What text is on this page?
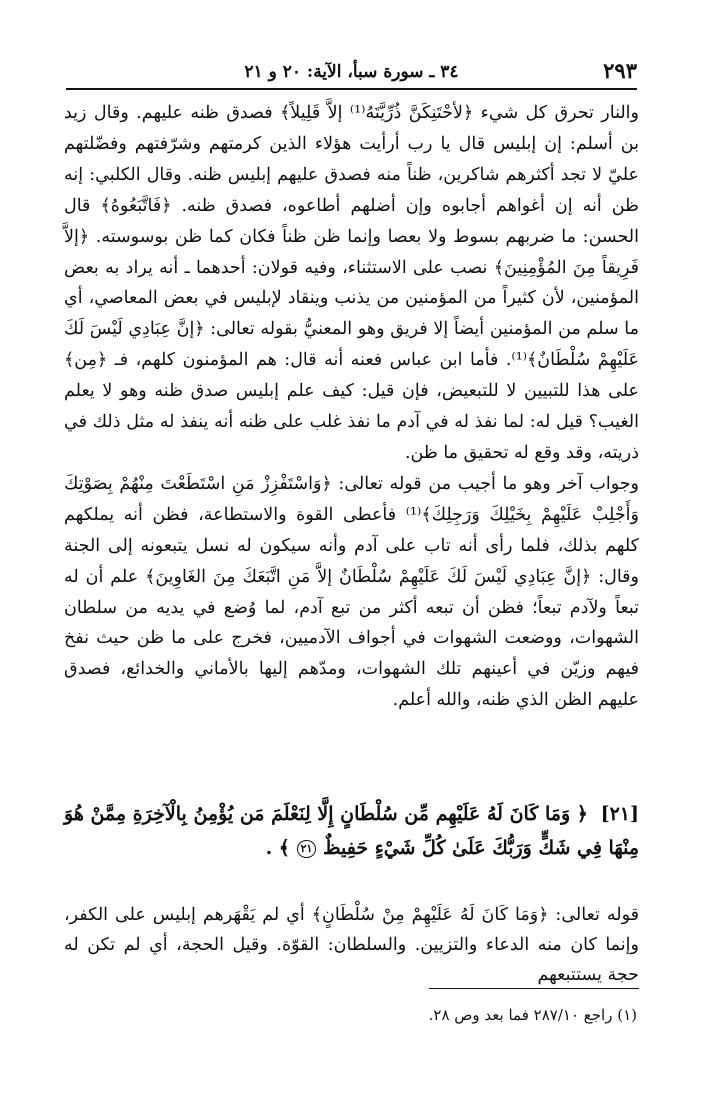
٢٩٣
٣٤ ـ سورة سبأ، الآية: ٢٠ و ٢١

والنار تحرق كل شيء ﴿لأحْتَنِكَنَّ ذُرِّيَّتَهُ⁽¹⁾ إلاَّ قَلِيلاً﴾ فصدق ظنه عليهم. وقال زيد بن أسلم: إن إبليس قال يا رب أرأيت هؤلاء الذين كرمتهم وشرّفتهم وفضّلتهم عليّ لا تجد أكثرهم شاكرين، ظناً منه فصدق عليهم إبليس ظنه. وقال الكلبي: إنه ظن أنه إن أغواهم أجابوه وإن أضلهم أطاعوه، فصدق ظنه. ﴿فَاتَّبَعُوهُ﴾ قال الحسن: ما ضربهم بسوط ولا بعصا وإنما ظن ظناً فكان كما ظن بوسوسته. ﴿إلاَّ فَرِيقاً مِنَ المُؤْمِنِينَ﴾ نصب على الاستثناء، وفيه قولان: أحدهما ـ أنه يراد به بعض المؤمنين، لأن كثيراً من المؤمنين من يذنب وينقاد لإبليس في بعض المعاصي، أي ما سلم من المؤمنين أيضاً إلا فريق وهو المعنيُّ بقوله تعالى: ﴿إنَّ عِبَادِي لَيْسَ لَكَ عَلَيْهِمْ سُلْطَانٌ﴾⁽¹⁾. فأما ابن عباس فعنه أنه قال: هم المؤمنون كلهم، فـ ﴿مِن﴾ على هذا للتبيين لا للتبعيض، فإن قيل: كيف علم إبليس صدق ظنه وهو لا يعلم الغيب؟ قيل له: لما نفذ له في آدم ما نفذ غلب على ظنه أنه ينفذ له مثل ذلك في ذريته، وقد وقع له تحقيق ما ظن.

وجواب آخر وهو ما أجيب من قوله تعالى: ﴿وَاسْتَفْزِزْ مَنِ اسْتَطَعْتَ مِنْهُمْ بِصَوْتِكَ وَأَجْلِبْ عَلَيْهِمْ بِخَيْلِكَ وَرَجِلِكَ﴾⁽¹⁾ فأعطى القوة والاستطاعة، فظن أنه يملكهم كلهم بذلك، فلما رأى أنه تاب على آدم وأنه سيكون له نسل يتبعونه إلى الجنة وقال: ﴿إنَّ عِبَادِي لَيْسَ لَكَ عَلَيْهِمْ سُلْطَانٌ إلاَّ مَنِ اتَّبَعَكَ مِنَ الغَاوِينَ﴾ علم أن له تبعاً ولآدم تبعاً؛ فظن أن تبعه أكثر من تبع آدم، لما وُضع في يديه من سلطان الشهوات، ووضعت الشهوات في أجواف الآدميين، فخرج على ما ظن حيث نفخ فيهم وزيّن في أعينهم تلك الشهوات، ومدّهم إليها بالأماني والخدائع، فصدق عليهم الظن الذي ظنه، والله أعلم.

[٢١] ﴿ وَمَا كَانَ لَهُ عَلَيْهِم مِّن سُلْطَانٍ إِلَّا لِنَعْلَمَ مَن يُؤْمِنُ بِالْآخِرَةِ مِمَّنْ هُوَ مِنْهَا فِي شَكٍّ وَرَبُّكَ عَلَىٰ كُلِّ شَيْءٍ حَفِيظٌ ٢١ ﴾ .

قوله تعالى: ﴿وَمَا كَانَ لَهُ عَلَيْهِمْ مِنْ سُلْطَانٍ﴾ أي لم يَقْهَرهم إبليس على الكفر، وإنما كان منه الدعاء والتزيين. والسلطان: القوّة. وقيل الحجة، أي لم تكن له حجة يستتبعهم

(١) راجع ٢٨٧/١٠ فما بعد وص ٢٨.
